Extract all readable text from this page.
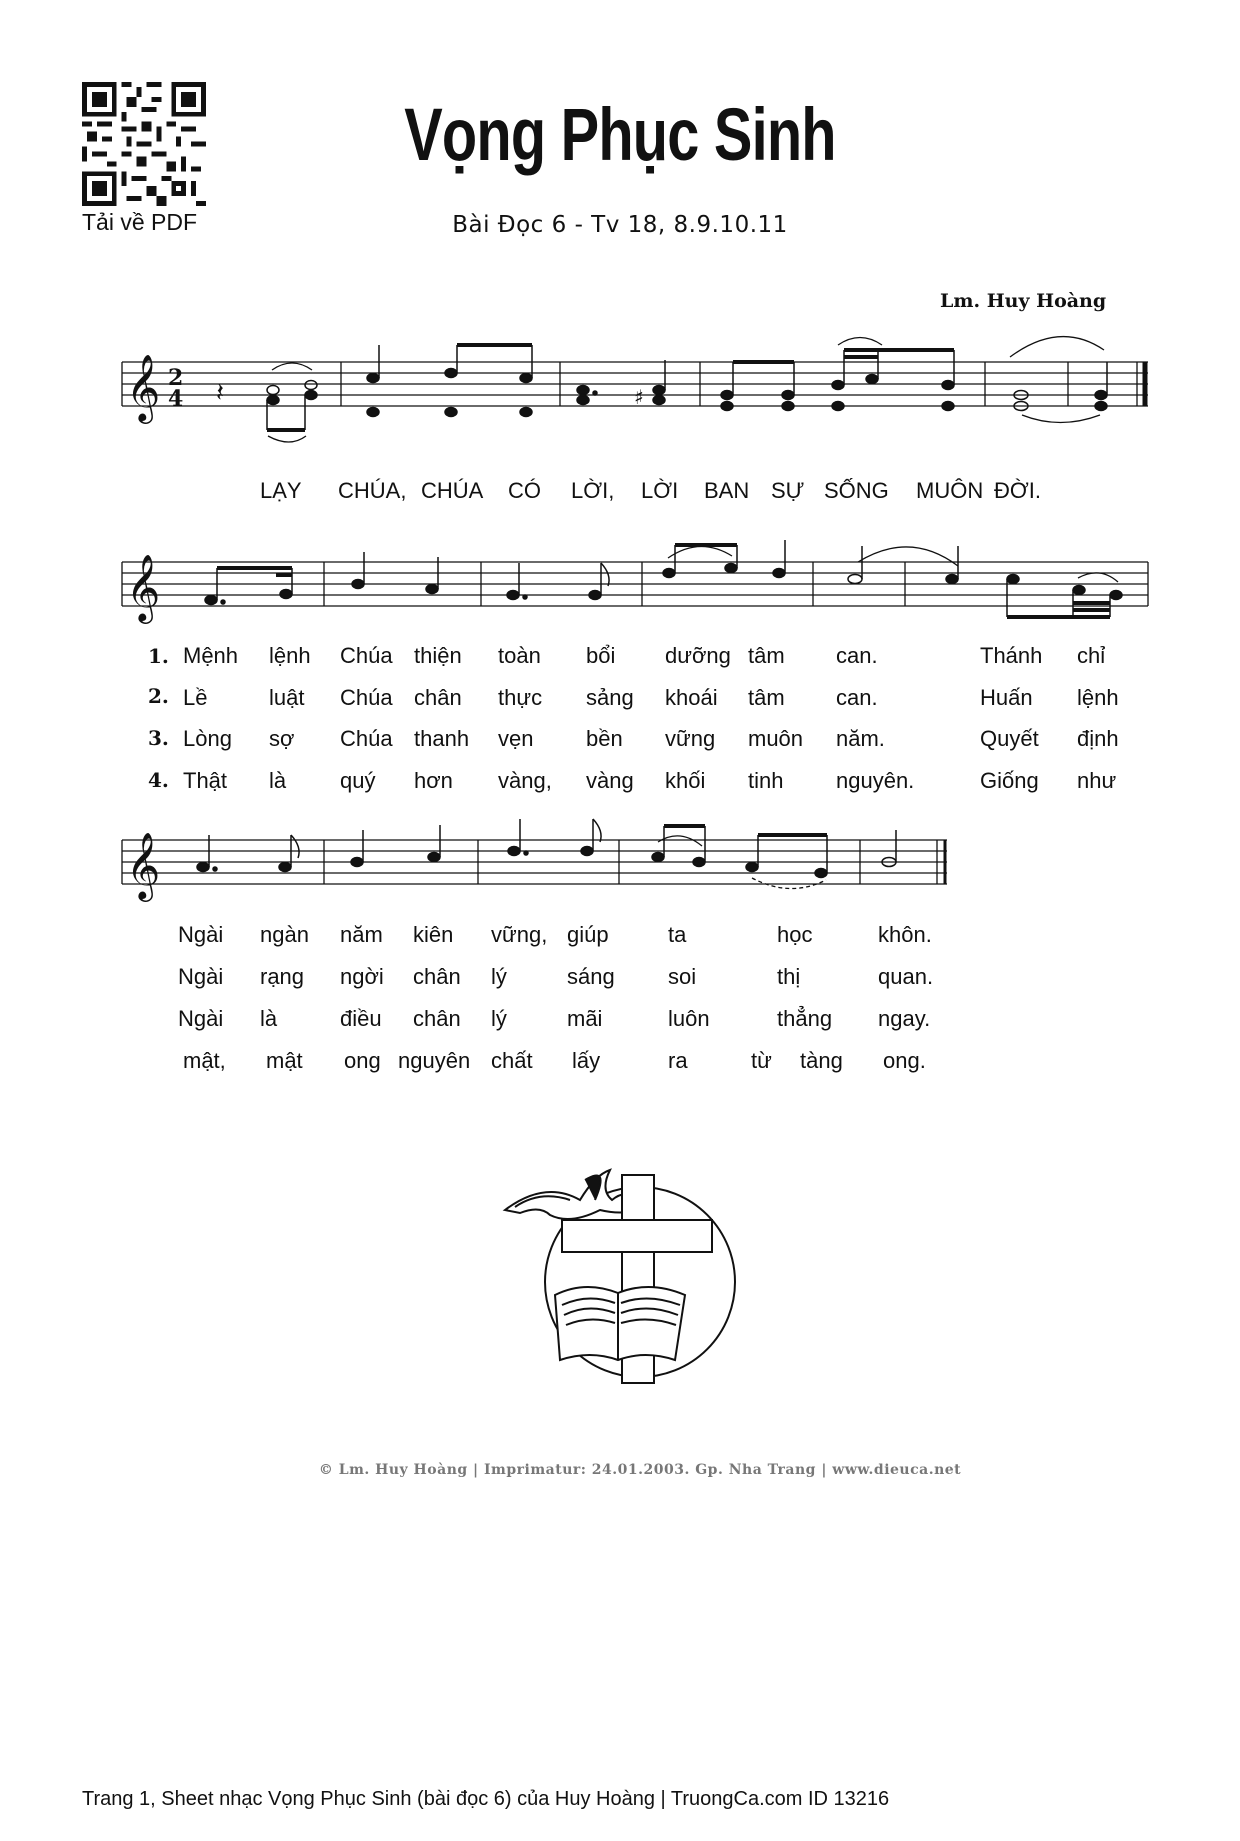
Tải về PDF
Vọng Phục Sinh
Bài Đọc 6 - Tv 18, 8.9.10.11
Lm. Huy Hoàng
𝄞 2
4 𝄽	♯
𝄞
𝄞
LẠY CHÚA, CHÚA CÓ LỜI, LỜI BAN SỰ SỐNG MUÔN ĐỜI.
1.
2.
3.
4.
Mệnh lệnh Chúa thiện toàn bổi dưỡng tâm can.	Thánh chỉ
Lề	luật Chúa chân thực sảng khoái tâm can.	Huấn lệnh
Lòng sợ Chúa thanh vẹn bền vững muôn năm.	Quyết định
Thật là quý hơn vàng, vàng khối tinh nguyên.	Giống như
Ngài ngàn năm kiên vững, giúp	ta	học	khôn.
Ngài rạng ngời chân lý	sáng soi	thị	quan.
Ngài là	điều chân lý	mãi	luôn	thẳng ngay.
mật, mật ong nguyên chất lấy	ra	từ tàng ong.
© Lm. Huy Hoàng | Imprimatur: 24.01.2003. Gp. Nha Trang | www.dieuca.net
Trang 1, Sheet nhạc Vọng Phục Sinh (bài đọc 6) của Huy Hoàng | TruongCa.com ID 13216
